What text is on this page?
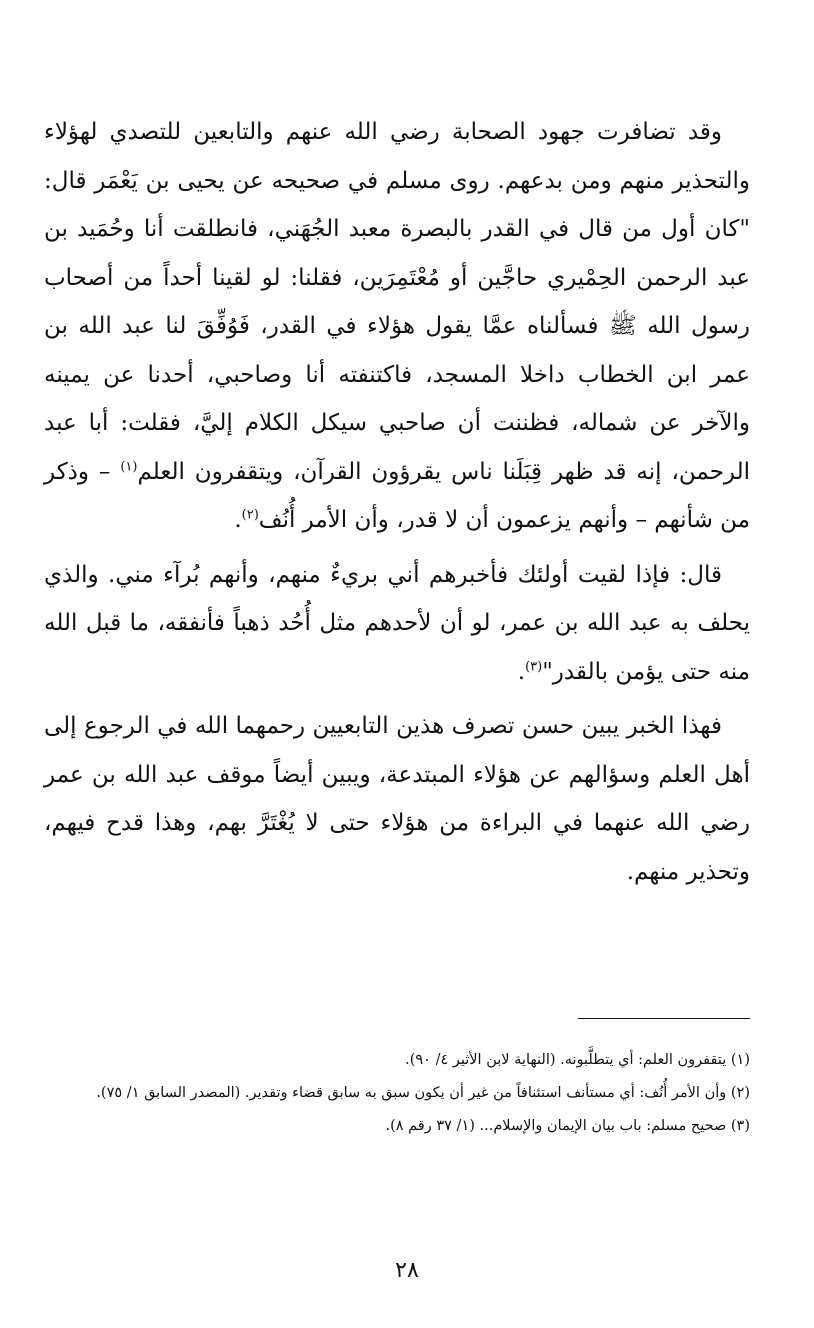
وقد تضافرت جهود الصحابة رضي الله عنهم والتابعين للتصدي لهؤلاء والتحذير منهم ومن بدعهم. روى مسلم في صحيحه عن يحيى بن يَعْمَر قال: "كان أول من قال في القدر بالبصرة معبد الجُهَني، فانطلقت أنا وحُمَيد بن عبد الرحمن الحِمْيري حاجَّين أو مُعْتَمِرَين، فقلنا: لو لقينا أحداً من أصحاب رسول الله ﷺ فسألناه عمَّا يقول هؤلاء في القدر، فَوُفِّقَ لنا عبد الله بن عمر ابن الخطاب داخلا المسجد، فاكتنفته أنا وصاحبي، أحدنا عن يمينه والآخر عن شماله، فظننت أن صاحبي سيكل الكلام إليَّ، فقلت: أبا عبد الرحمن، إنه قد ظهر قِبَلَنا ناس يقرؤون القرآن، ويتقفرون العلم$^{(١)}$ – وذكر من شأنهم – وأنهم يزعمون أن لا قدر، وأن الأمر أُنُف$^{(٢)}$.

قال: فإذا لقيت أولئك فأخبرهم أني بريءٌ منهم، وأنهم بُرآء مني. والذي يحلف به عبد الله بن عمر، لو أن لأحدهم مثل أُحُد ذهباً فأنفقه، ما قبل الله منه حتى يؤمن بالقدر"$^{(٣)}$.

فهذا الخبر يبين حسن تصرف هذين التابعيين رحمهما الله في الرجوع إلى أهل العلم وسؤالهم عن هؤلاء المبتدعة، ويبين أيضاً موقف عبد الله بن عمر رضي الله عنهما في البراءة من هؤلاء حتى لا يُغْتَرَّ بهم، وهذا قدح فيهم، وتحذير منهم.

(١) يتقفرون العلم: أي يتطلَّبونه. (النهاية لابن الأثير ٤/ ٩٠).

(٢) وأن الأمر أُنُف: أي مستأنف استئنافاً من غير أن يكون سبق به سابق قضاء وتقدير. (المصدر السابق ١/ ٧٥).

(٣) صحيح مسلم: باب بيان الإيمان والإسلام... (١/ ٣٧ رقم ٨).

٢٨
